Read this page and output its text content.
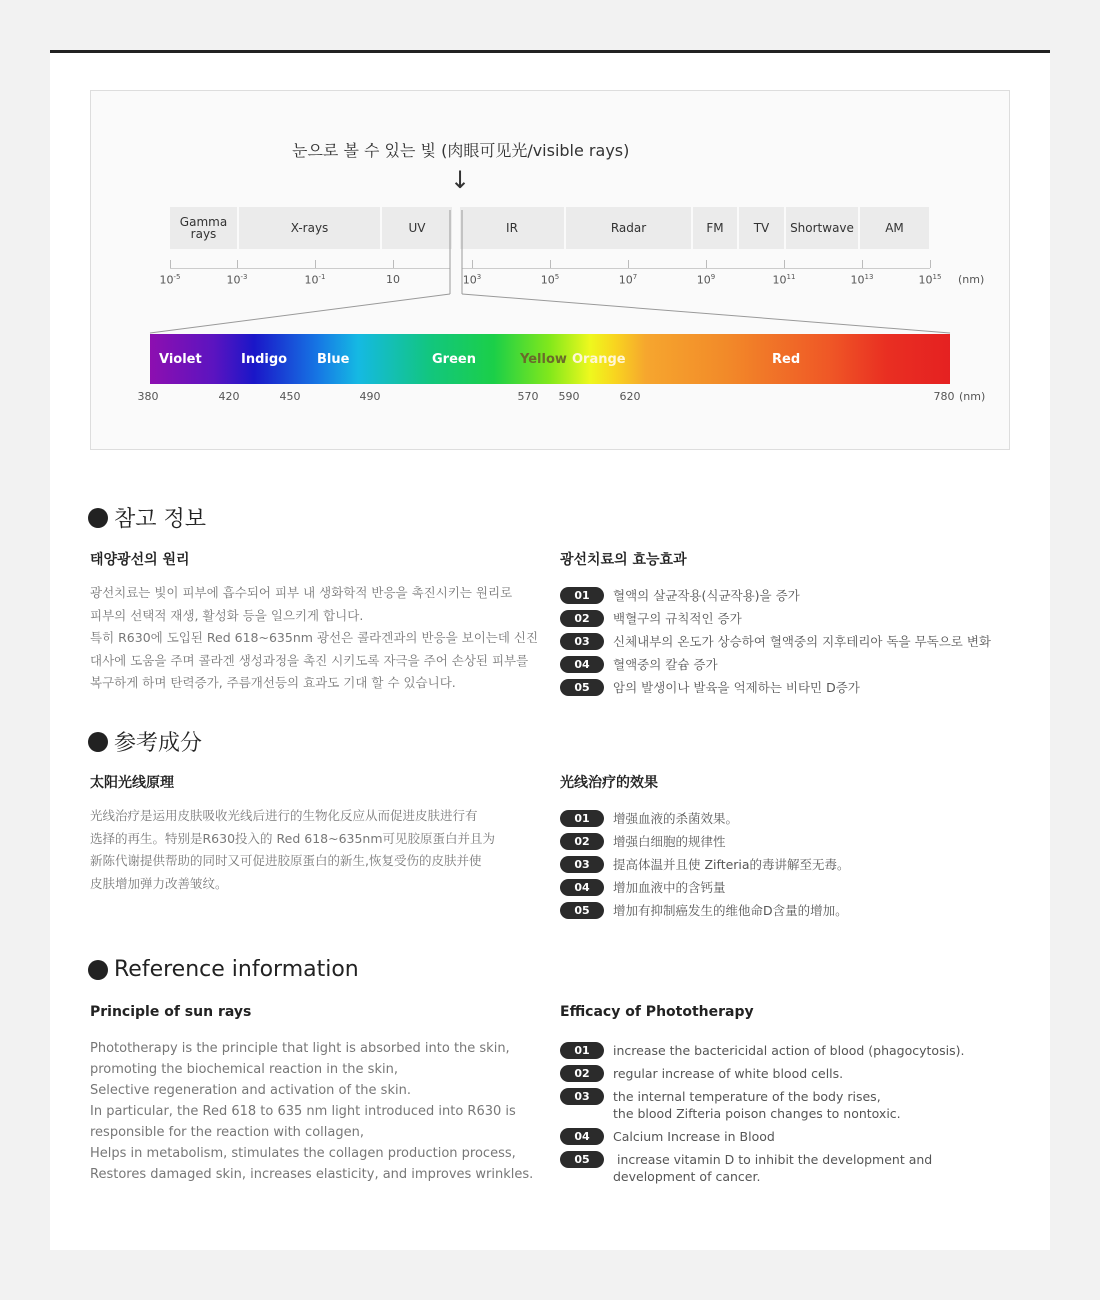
눈으로 볼 수 있는 빛 (肉眼可见光/visible rays)
↓
Gamma rays	X-rays	UV	IR	Radar	FM	TV	Shortwave	AM
$10^{-5}$	$10^{-3}$	$10^{-1}$	10	$10^3$	$10^5$	$10^7$	$10^9$	$10^{11}$	$10^{13}$	$10^{15}$ (nm)
Violet	Indigo Blue	Green	Yellow Orange	Red
380	420	450	490	570 590	620	780 (nm)
참고 정보
태양광선의 원리
광선치료는 빛이 피부에 흡수되어 피부 내 생화학적 반응을 촉진시키는 원리로
피부의 선택적 재생, 활성화 등을 일으키게 합니다.
특히 R630에 도입된 Red 618~635nm 광선은 콜라겐과의 반응을 보이는데 신진
대사에 도움을 주며 콜라겐 생성과정을 촉진 시키도록 자극을 주어 손상된 피부를
복구하게 하며 탄력증가, 주름개선등의 효과도 기대 할 수 있습니다.
광선치료의 효능효과
01	혈액의 살균작용(식균작용)을 증가
02	백혈구의 규칙적인 증가
03	신체내부의 온도가 상승하여 혈액중의 지후테리아 독을 무독으로 변화
04	혈액중의 칼슘 증가
05	암의 발생이나 발육을 억제하는 비타민 D증가
参考成分
太阳光线原理
光线治疗是运用皮肤吸收光线后进行的生物化反应从而促进皮肤进行有
选择的再生。特别是R630投入的 Red 618~635nm可见胶原蛋白并且为
新陈代谢提供帮助的同时又可促进胶原蛋白的新生,恢复受伤的皮肤并使
皮肤增加弹力改善皱纹。
光线治疗的效果
01	增强血液的杀菌效果。
02	增强白细胞的规律性
03	提高体温并且使 Zifteria的毒讲解至无毒。
04	增加血液中的含钙量
05	增加有抑制癌发生的维他命D含量的增加。
Reference information
Principle of sun rays
Phototherapy is the principle that light is absorbed into the skin,
promoting the biochemical reaction in the skin,
Selective regeneration and activation of the skin.
In particular, the Red 618 to 635 nm light introduced into R630 is
responsible for the reaction with collagen,
Helps in metabolism, stimulates the collagen production process,
Restores damaged skin, increases elasticity, and improves wrinkles.
Efficacy of Phototherapy
01	increase the bactericidal action of blood (phagocytosis).
02	regular increase of white blood cells.
03	the internal temperature of the body rises,
the blood Zifteria poison changes to nontoxic.
04	Calcium Increase in Blood
05	increase vitamin D to inhibit the development and
development of cancer.
